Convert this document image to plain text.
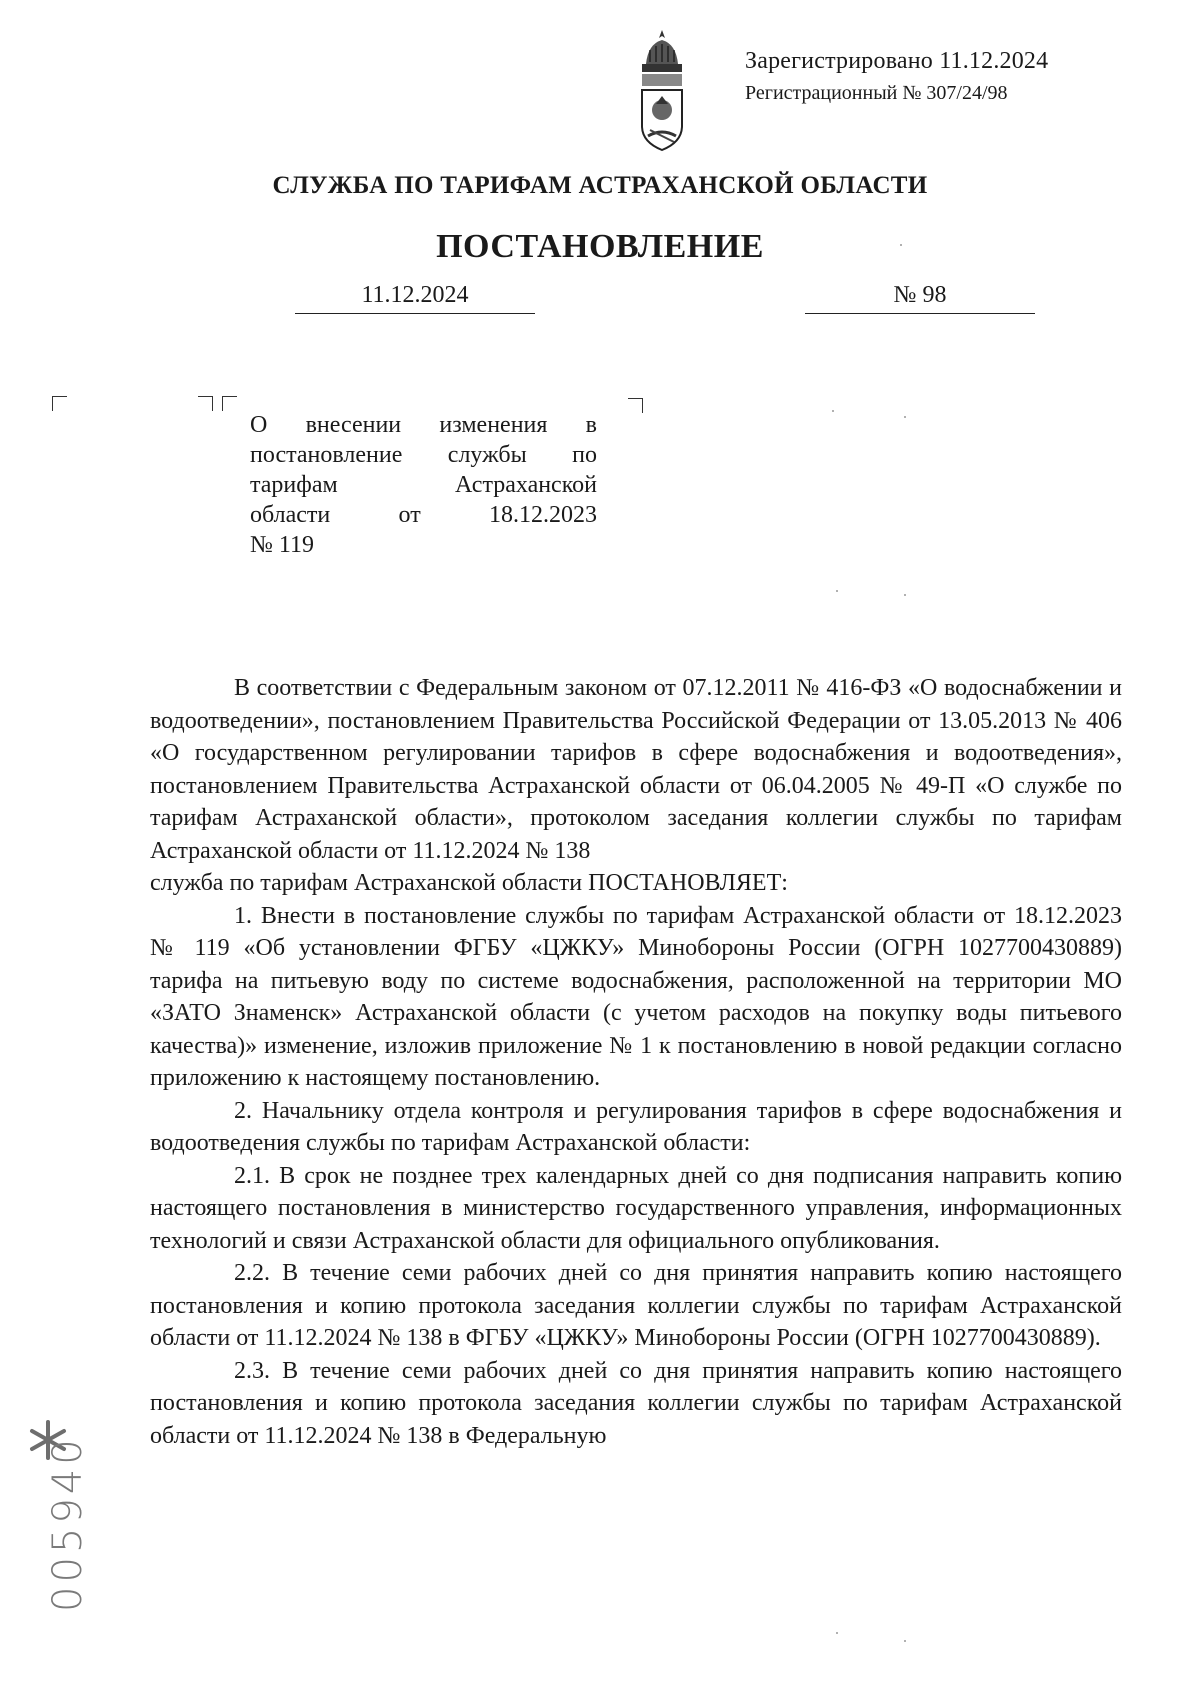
Зарегистрировано 11.12.2024
Регистрационный № 307/24/98
СЛУЖБА ПО ТАРИФАМ АСТРАХАНСКОЙ ОБЛАСТИ
ПОСТАНОВЛЕНИЕ
11.12.2024	№ 98
О внесении изменения в
постановление службы по
тарифам Астраханской
области от 18.12.2023
№ 119

В соответствии с Федеральным законом от 07.12.2011 № 416-ФЗ «О водоснабжении и водоотведении», постановлением Правительства Российской Федерации от 13.05.2013 № 406 «О государственном регулировании тарифов в сфере водоснабжения и водоотведения», постановлением Правительства Астраханской области от 06.04.2005 № 49-П «О службе по тарифам Астраханской области», протоколом заседания коллегии службы по тарифам Астраханской области от 11.12.2024 № 138

служба по тарифам Астраханской области ПОСТАНОВЛЯЕТ:

1. Внести в постановление службы по тарифам Астраханской области от 18.12.2023 № 119 «Об установлении ФГБУ «ЦЖКУ» Минобороны России (ОГРН 1027700430889) тарифа на питьевую воду по системе водоснабжения, расположенной на территории МО «ЗАТО Знаменск» Астраханской области (с учетом расходов на покупку воды питьевого качества)» изменение, изложив приложение № 1 к постановлению в новой редакции согласно приложению к настоящему постановлению.

2. Начальнику отдела контроля и регулирования тарифов в сфере водоснабжения и водоотведения службы по тарифам Астраханской области:

2.1. В срок не позднее трех календарных дней со дня подписания направить копию настоящего постановления в министерство государственного управления, информационных технологий и связи Астраханской области для официального опубликования.

2.2. В течение семи рабочих дней со дня принятия направить копию настоящего постановления и копию протокола заседания коллегии службы по тарифам Астраханской области от 11.12.2024 № 138 в ФГБУ «ЦЖКУ» Минобороны России (ОГРН 1027700430889).

2.3. В течение семи рабочих дней со дня принятия направить копию настоящего постановления и копию протокола заседания коллегии службы по тарифам Астраханской области от 11.12.2024 № 138 в Федеральную

005940
